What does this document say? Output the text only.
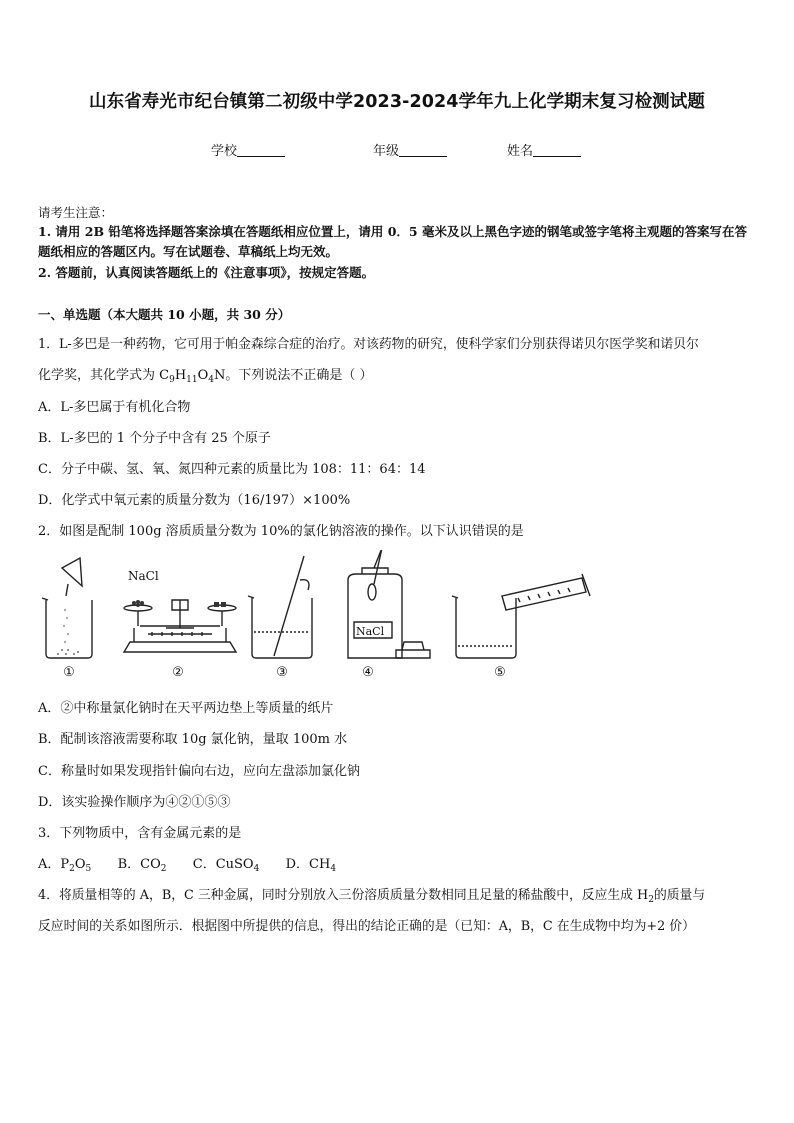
山东省寿光市纪台镇第二初级中学2023-2024学年九上化学期末复习检测试题
学校	年级	姓名
请考生注意：
1. 请用 2B 铅笔将选择题答案涂填在答题纸相应位置上，请用 0．5 毫米及以上黑色字迹的钢笔或签字笔将主观题的答案写在答题纸相应的答题区内。写在试题卷、草稿纸上均无效。
2. 答题前，认真阅读答题纸上的《注意事项》，按规定答题。
一、单选题（本大题共 10 小题，共 30 分）
1．L-多巴是一种药物，它可用于帕金森综合症的治疗。对该药物的研究，使科学家们分别获得诺贝尔医学奖和诺贝尔
化学奖，其化学式为 $C_9H_{11}O_4N$。下列说法不正确是（ ）
A．L-多巴属于有机化合物
B．L-多巴的 1 个分子中含有 25 个原子
C．分子中碳、氢、氧、氮四种元素的质量比为 108：11：64：14
D．化学式中氧元素的质量分数为（16/197）×100%
2．如图是配制 100g 溶质质量分数为 10%的氯化钠溶液的操作。以下认识错误的是
NaCl
NaCl
①	②	③	④	⑤
A．②中称量氯化钠时在天平两边垫上等质量的纸片
B．配制该溶液需要称取 10g 氯化钠，量取 100m 水
C．称量时如果发现指针偏向右边，应向左盘添加氯化钠
D．该实验操作顺序为④②①⑤③
3．下列物质中，含有金属元素的是
A．$P_2O_5$ B．$CO_2$ C．CuSO$_4$ D．$CH_4$
4．将质量相等的 A，B，C 三种金属，同时分别放入三份溶质质量分数相同且足量的稀盐酸中，反应生成 $H_2$的质量与
反应时间的关系如图所示．根据图中所提供的信息，得出的结论正确的是（已知：A，B，C 在生成物中均为+2 价）
